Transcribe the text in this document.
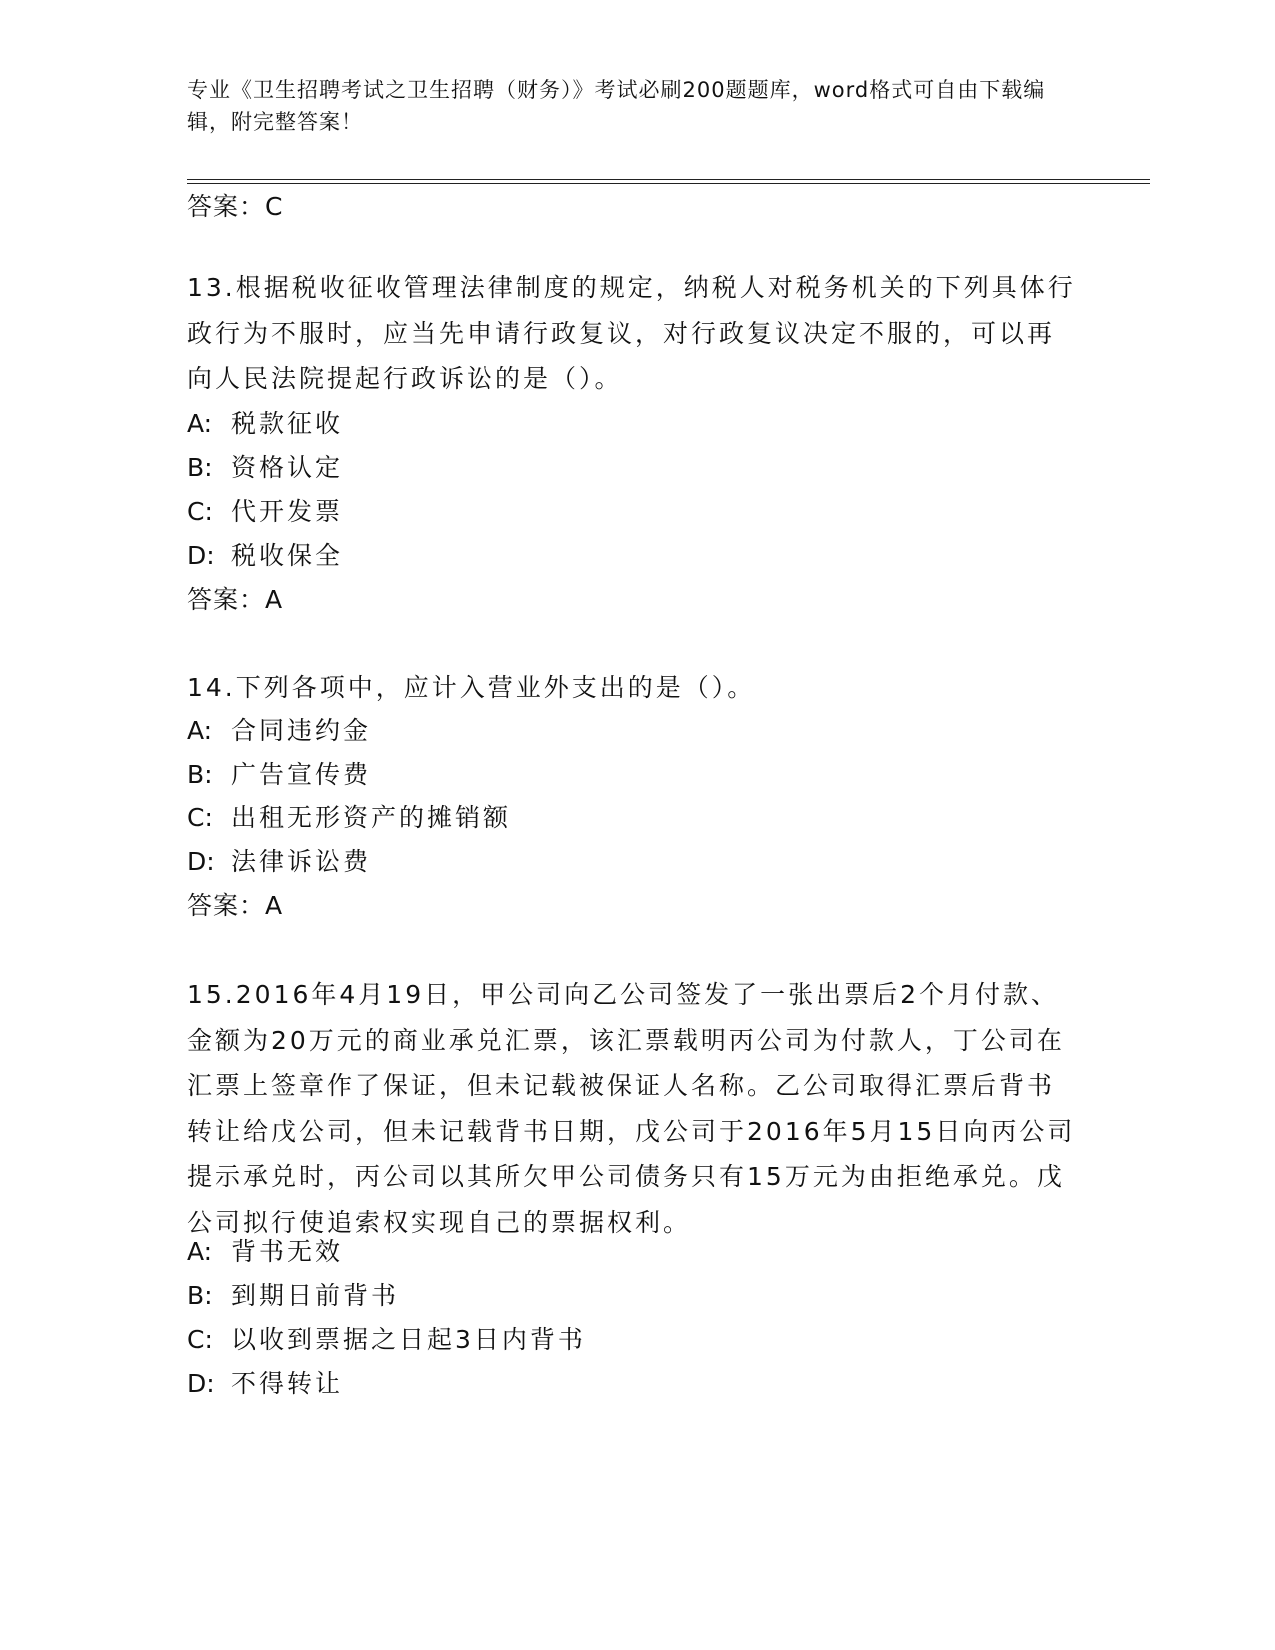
专业《卫生招聘考试之卫生招聘（财务）》考试必刷200题题库，word格式可自由下载编辑，附完整答案！
答案：C
13.根据税收征收管理法律制度的规定，纳税人对税务机关的下列具体行政行为不服时，应当先申请行政复议，对行政复议决定不服的，可以再向人民法院提起行政诉讼的是（）。
A: 税款征收
B: 资格认定
C: 代开发票
D: 税收保全
答案：A
14.下列各项中，应计入营业外支出的是（）。
A: 合同违约金
B: 广告宣传费
C: 出租无形资产的摊销额
D: 法律诉讼费
答案：A
15.2016年4月19日，甲公司向乙公司签发了一张出票后2个月付款、金额为20万元的商业承兑汇票，该汇票载明丙公司为付款人，丁公司在汇票上签章作了保证，但未记载被保证人名称。乙公司取得汇票后背书转让给戊公司，但未记载背书日期，戊公司于2016年5月15日向丙公司提示承兑时，丙公司以其所欠甲公司债务只有15万元为由拒绝承兑。戊公司拟行使追索权实现自己的票据权利。
A: 背书无效
B: 到期日前背书
C: 以收到票据之日起3日内背书
D: 不得转让
